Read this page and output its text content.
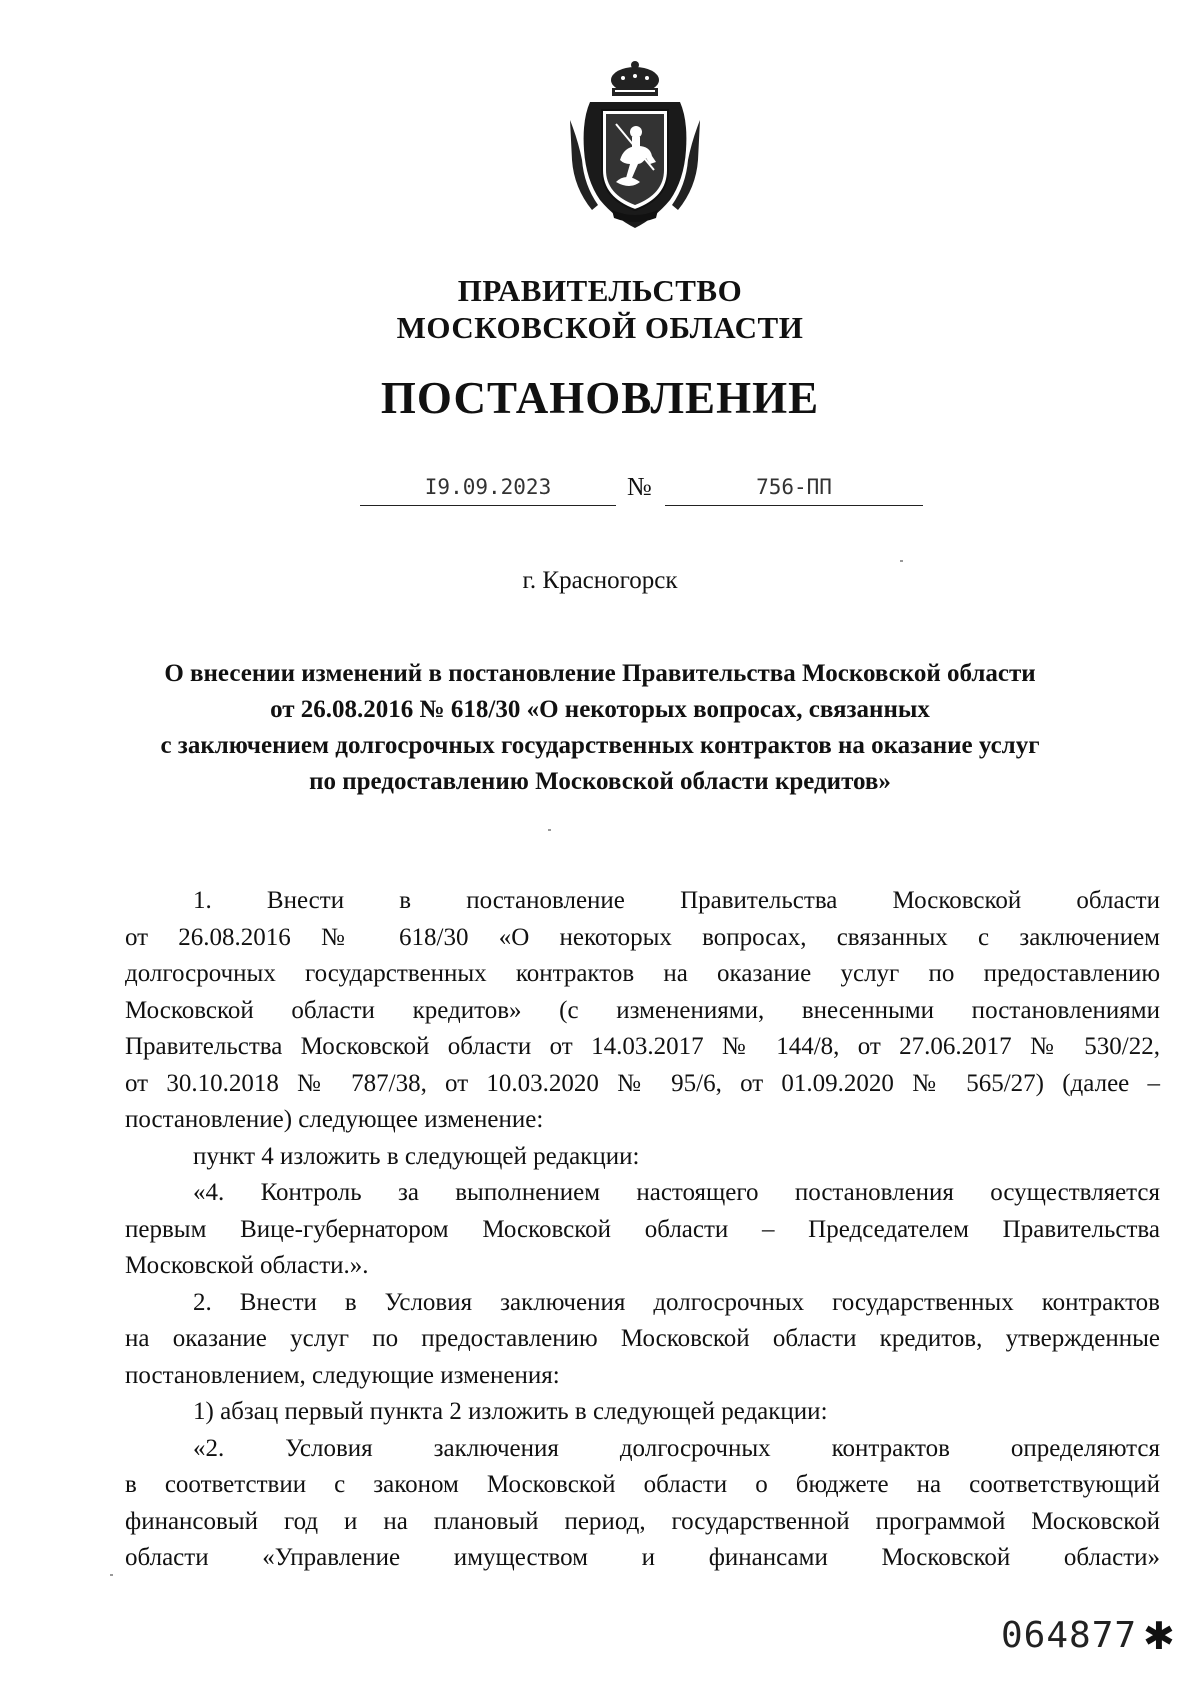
ПРАВИТЕЛЬСТВО
МОСКОВСКОЙ ОБЛАСТИ
ПОСТАНОВЛЕНИЕ
I9.09.2023	№	756-ПП
г. Красногорск
О внесении изменений в постановление Правительства Московской области
от 26.08.2016 № 618/30 «О некоторых вопросах, связанных
с заключением долгосрочных государственных контрактов на оказание услуг
по предоставлению Московской области кредитов»
1. Внести в постановление Правительства Московской области
от 26.08.2016 № 618/30 «О некоторых вопросах, связанных с заключением
долгосрочных государственных контрактов на оказание услуг по предоставлению
Московской области кредитов» (с изменениями, внесенными постановлениями
Правительства Московской области от 14.03.2017 № 144/8, от 27.06.2017 № 530/22,
от 30.10.2018 № 787/38, от 10.03.2020 № 95/6, от 01.09.2020 № 565/27) (далее –
постановление) следующее изменение:
пункт 4 изложить в следующей редакции:
«4. Контроль за выполнением настоящего постановления осуществляется
первым Вице-губернатором Московской области – Председателем Правительства
Московской области.».
2. Внести в Условия заключения долгосрочных государственных контрактов
на оказание услуг по предоставлению Московской области кредитов, утвержденные
постановлением, следующие изменения:
1) абзац первый пункта 2 изложить в следующей редакции:
«2. Условия заключения долгосрочных контрактов определяются
в соответствии с законом Московской области о бюджете на соответствующий
финансовый год и на плановый период, государственной программой Московской
области «Управление имуществом и финансами Московской области»
064877 ✱
